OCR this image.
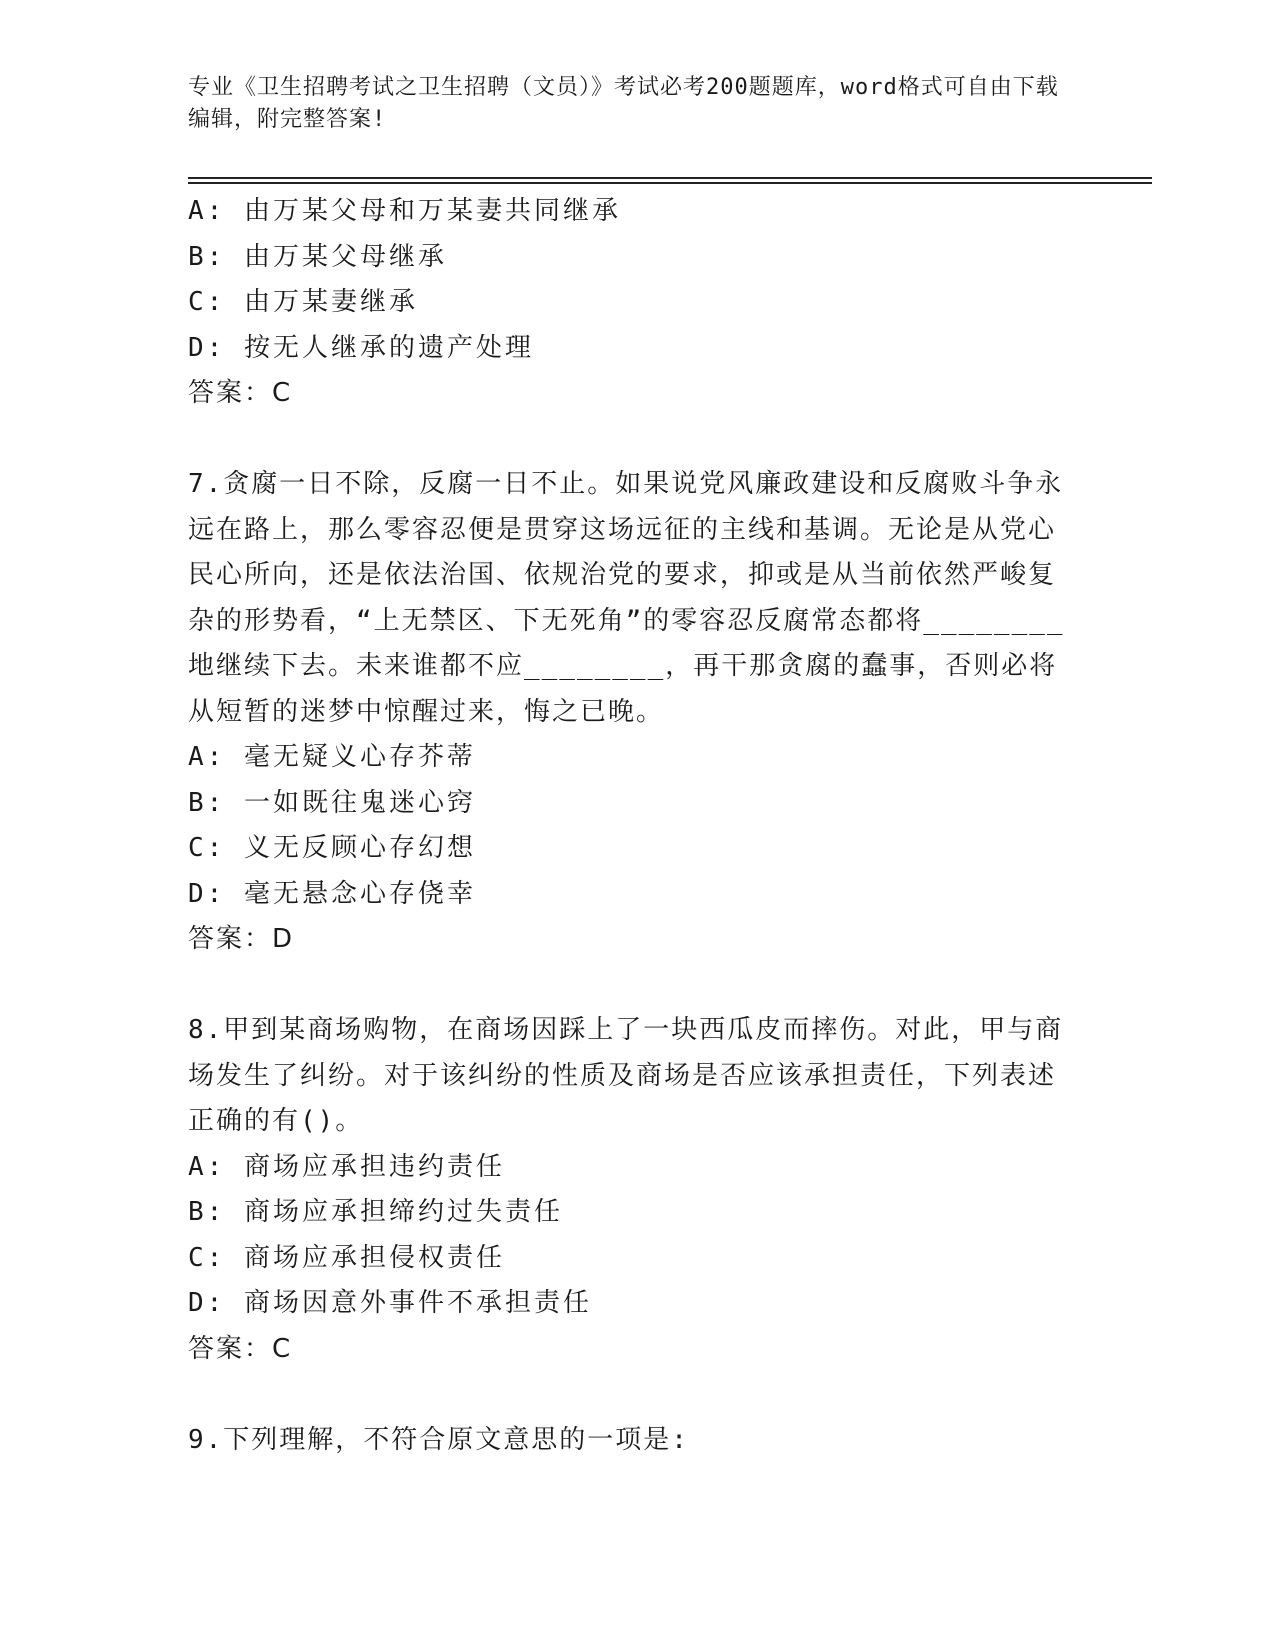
专业《卫生招聘考试之卫生招聘（文员）》考试必考200题题库，word格式可自由下载编辑，附完整答案!

A: 由万某父母和万某妻共同继承

B: 由万某父母继承

C: 由万某妻继承

D: 按无人继承的遗产处理

答案：C

7.贪腐一日不除，反腐一日不止。如果说党风廉政建设和反腐败斗争永远在路上，那么零容忍便是贯穿这场远征的主线和基调。无论是从党心民心所向，还是依法治国、依规治党的要求，抑或是从当前依然严峻复杂的形势看，“上无禁区、下无死角”的零容忍反腐常态都将________地继续下去。未来谁都不应________，再干那贪腐的蠢事，否则必将从短暂的迷梦中惊醒过来，悔之已晚。

A: 毫无疑义心存芥蒂

B: 一如既往鬼迷心窍

C: 义无反顾心存幻想

D: 毫无悬念心存侥幸

答案：D

8.甲到某商场购物，在商场因踩上了一块西瓜皮而摔伤。对此，甲与商场发生了纠纷。对于该纠纷的性质及商场是否应该承担责任，下列表述正确的有()。

A: 商场应承担违约责任

B: 商场应承担缔约过失责任

C: 商场应承担侵权责任

D: 商场因意外事件不承担责任

答案：C

9.下列理解，不符合原文意思的一项是:
